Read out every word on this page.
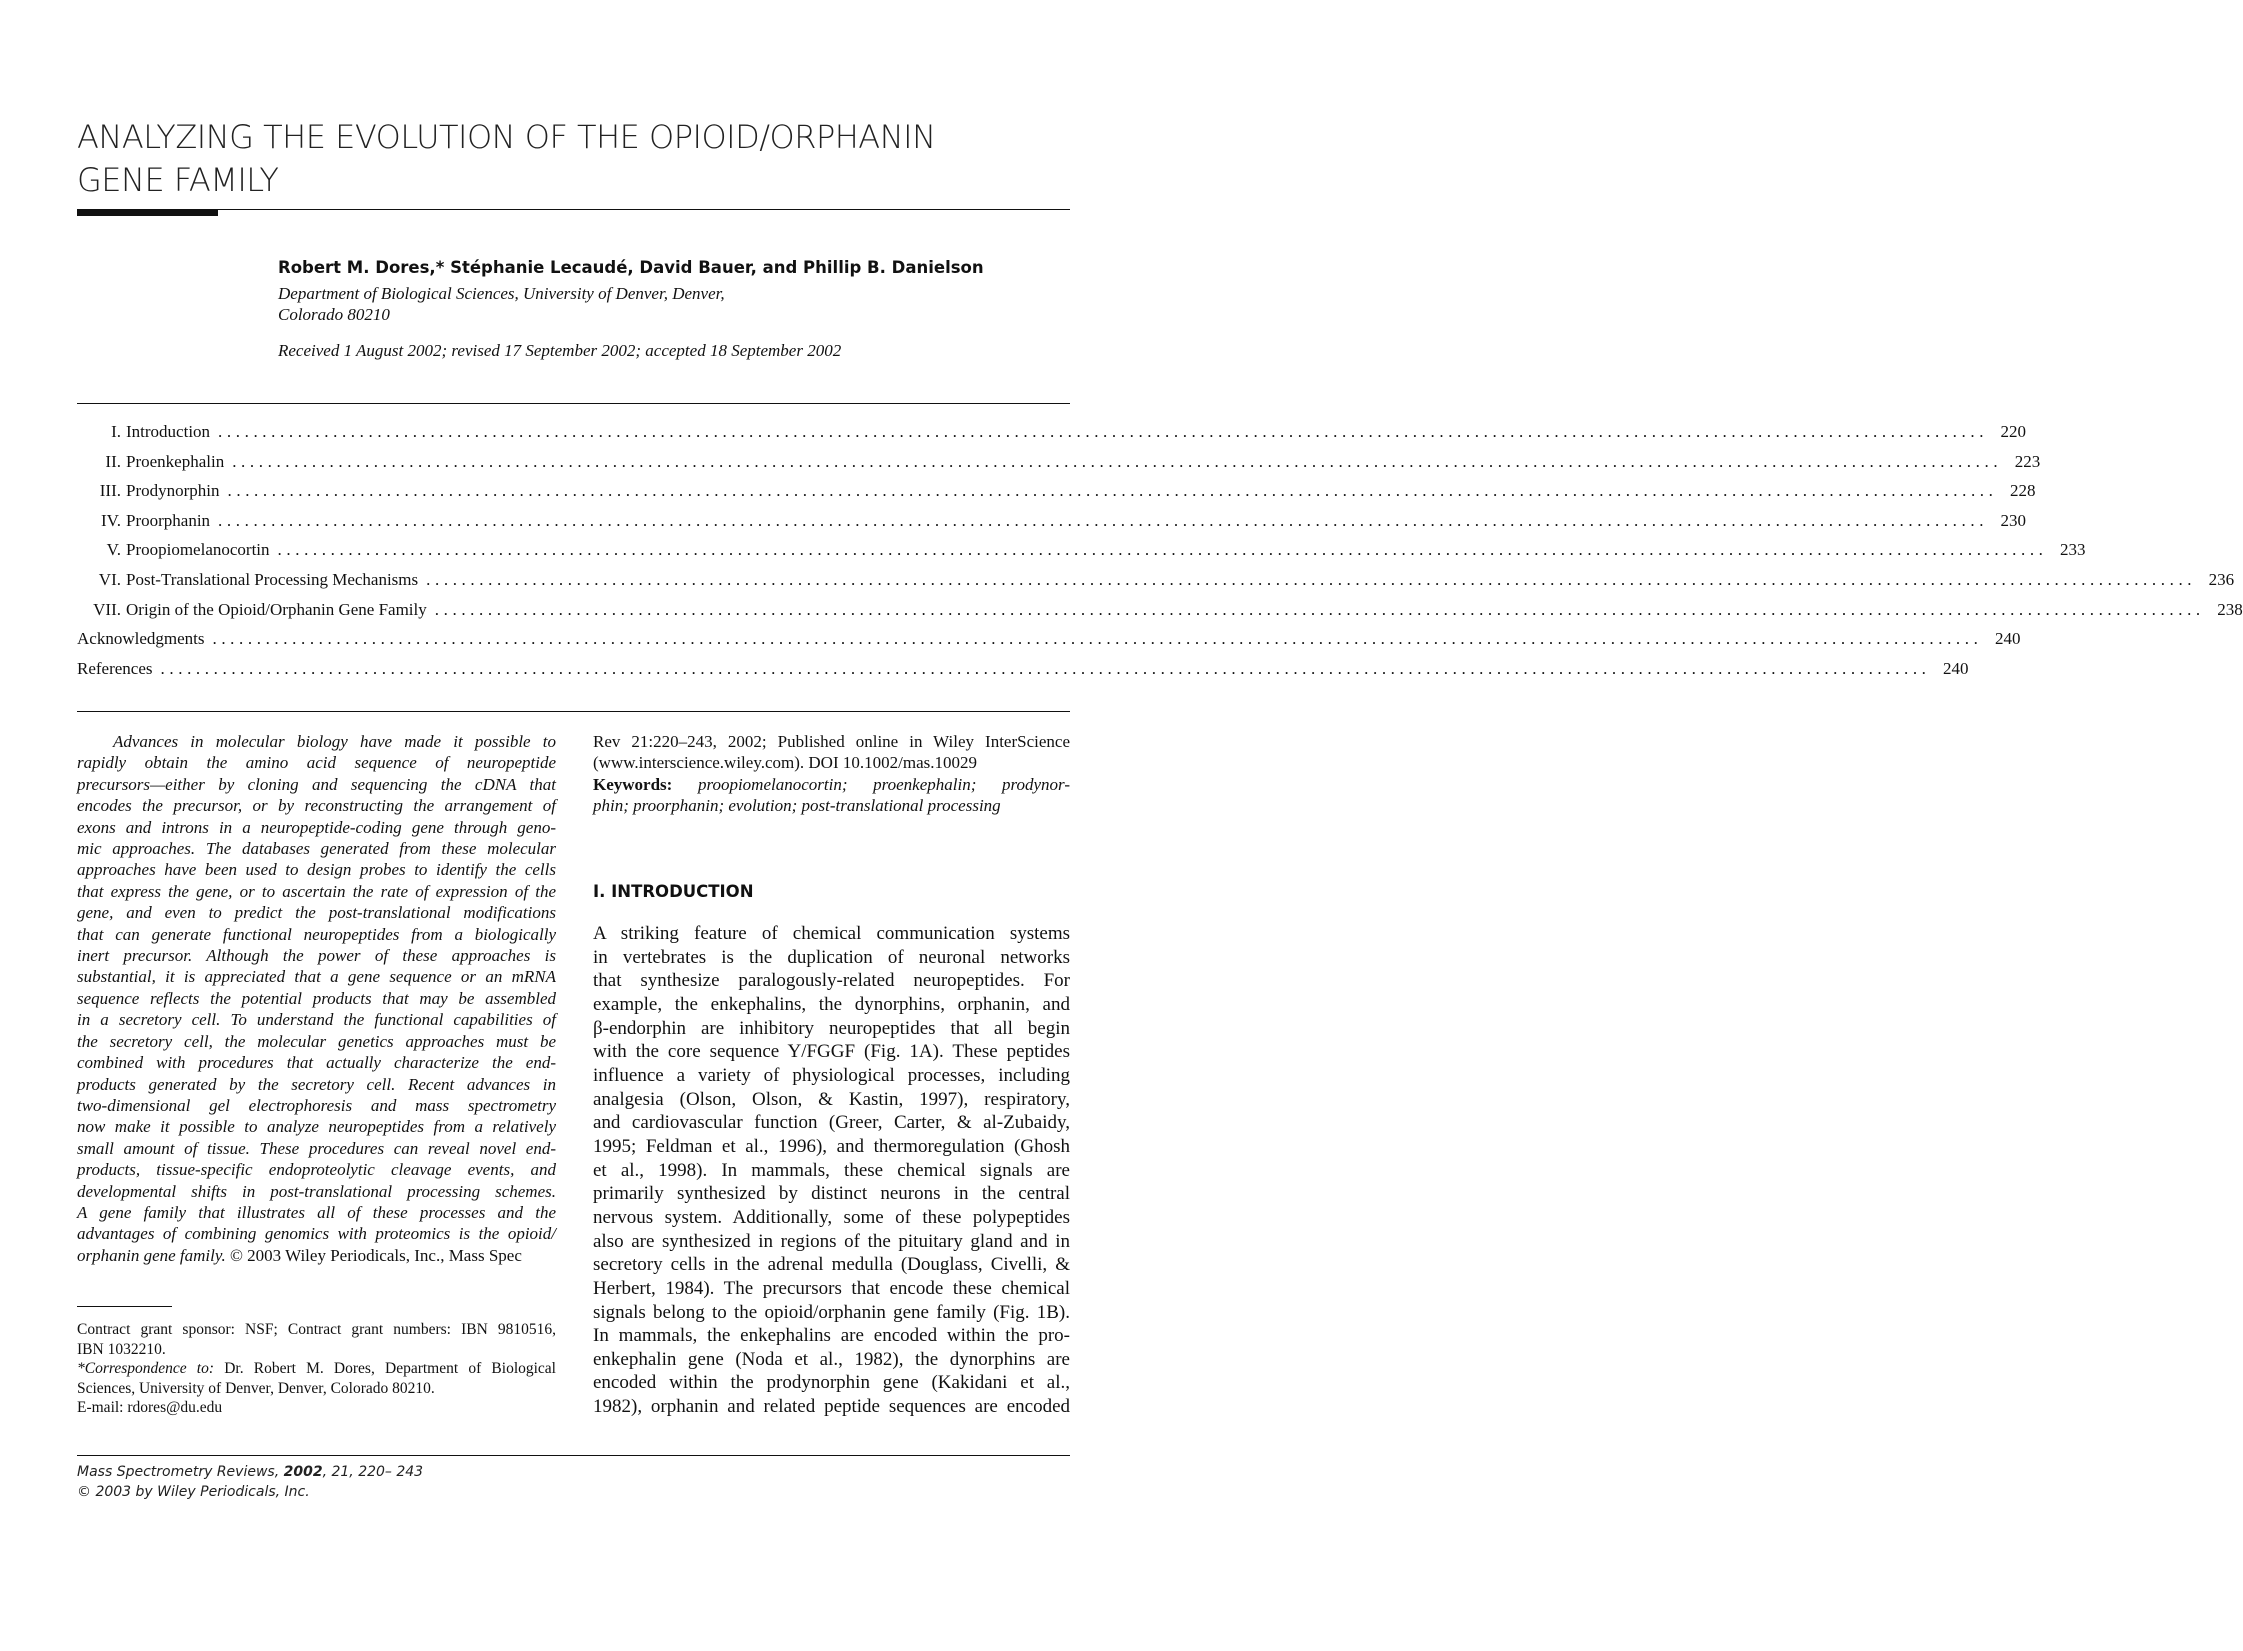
ANALYZING THE EVOLUTION OF THE OPIOID/ORPHANIN
GENE FAMILY
Robert M. Dores,* Stéphanie Lecaudé, David Bauer, and Phillip B. Danielson
Department of Biological Sciences, University of Denver, Denver,
Colorado 80210
Received 1 August 2002; revised 17 September 2002; accepted 18 September 2002
I. Introduction ........................................................................................................................................................................................................ 220
II. Proenkephalin ........................................................................................................................................................................................................ 223
III. Prodynorphin ........................................................................................................................................................................................................ 228
IV. Proorphanin ........................................................................................................................................................................................................ 230
V. Proopiomelanocortin ........................................................................................................................................................................................................ 233
VI. Post-Translational Processing Mechanisms ........................................................................................................................................................................................................ 236
VII. Origin of the Opioid/Orphanin Gene Family ........................................................................................................................................................................................................ 238
Acknowledgments ........................................................................................................................................................................................................ 240
References ........................................................................................................................................................................................................ 240
Advances in molecular biology have made it possible to
rapidly obtain the amino acid sequence of neuropeptide
precursors—either by cloning and sequencing the cDNA that
encodes the precursor, or by reconstructing the arrangement of
exons and introns in a neuropeptide-coding gene through geno-
mic approaches. The databases generated from these molecular
approaches have been used to design probes to identify the cells
that express the gene, or to ascertain the rate of expression of the
gene, and even to predict the post-translational modifications
that can generate functional neuropeptides from a biologically
inert precursor. Although the power of these approaches is
substantial, it is appreciated that a gene sequence or an mRNA
sequence reflects the potential products that may be assembled
in a secretory cell. To understand the functional capabilities of
the secretory cell, the molecular genetics approaches must be
combined with procedures that actually characterize the end-
products generated by the secretory cell. Recent advances in
two-dimensional gel electrophoresis and mass spectrometry
now make it possible to analyze neuropeptides from a relatively
small amount of tissue. These procedures can reveal novel end-
products, tissue-specific endoproteolytic cleavage events, and
developmental shifts in post-translational processing schemes.
A gene family that illustrates all of these processes and the
advantages of combining genomics with proteomics is the opioid/
orphanin gene family. © 2003 Wiley Periodicals, Inc., Mass Spec
Contract grant sponsor: NSF; Contract grant numbers: IBN 9810516,
IBN 1032210.
*Correspondence to: Dr. Robert M. Dores, Department of Biological
Sciences, University of Denver, Denver, Colorado 80210.
E-mail: rdores@du.edu
Rev 21:220–243, 2002; Published online in Wiley InterScience
(www.interscience.wiley.com). DOI 10.1002/mas.10029
Keywords: proopiomelanocortin; proenkephalin; prodynor-
phin; proorphanin; evolution; post-translational processing
I. INTRODUCTION
A striking feature of chemical communication systems
in vertebrates is the duplication of neuronal networks
that synthesize paralogously-related neuropeptides. For
example, the enkephalins, the dynorphins, orphanin, and
β-endorphin are inhibitory neuropeptides that all begin
with the core sequence Y/FGGF (Fig. 1A). These peptides
influence a variety of physiological processes, including
analgesia (Olson, Olson, & Kastin, 1997), respiratory,
and cardiovascular function (Greer, Carter, & al-Zubaidy,
1995; Feldman et al., 1996), and thermoregulation (Ghosh
et al., 1998). In mammals, these chemical signals are
primarily synthesized by distinct neurons in the central
nervous system. Additionally, some of these polypeptides
also are synthesized in regions of the pituitary gland and in
secretory cells in the adrenal medulla (Douglass, Civelli, &
Herbert, 1984). The precursors that encode these chemical
signals belong to the opioid/orphanin gene family (Fig. 1B).
In mammals, the enkephalins are encoded within the pro-
enkephalin gene (Noda et al., 1982), the dynorphins are
encoded within the prodynorphin gene (Kakidani et al.,
1982), orphanin and related peptide sequences are encoded
Mass Spectrometry Reviews, 2002, 21, 220– 243
© 2003 by Wiley Periodicals, Inc.
